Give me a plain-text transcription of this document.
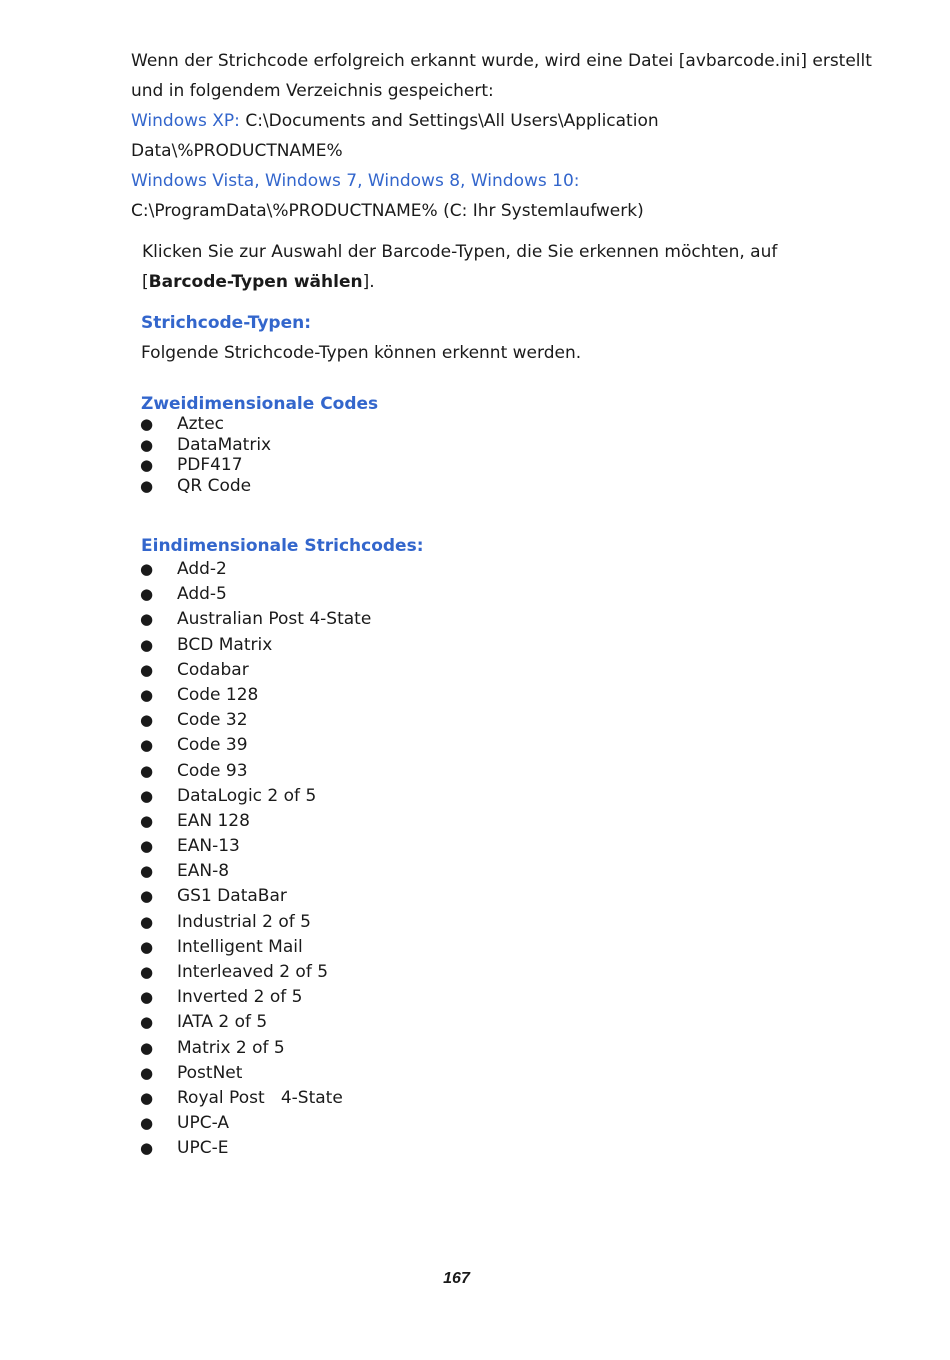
Wenn der Strichcode erfolgreich erkannt wurde, wird eine Datei [avbarcode.ini] erstellt
und in folgendem Verzeichnis gespeichert:
Windows XP: C:\Documents and Settings\All Users\Application
Data\%PRODUCTNAME%
Windows Vista, Windows 7, Windows 8, Windows 10:
C:\ProgramData\%PRODUCTNAME% (C: Ihr Systemlaufwerk)
Klicken Sie zur Auswahl der Barcode-Typen, die Sie erkennen möchten, auf
[Barcode-Typen wählen].
Strichcode-Typen:
Folgende Strichcode-Typen können erkennt werden.
Zweidimensionale Codes
● Aztec
● DataMatrix
● PDF417
● QR Code
Eindimensionale Strichcodes:
● Add-2
● Add-5
● Australian Post 4-State
● BCD Matrix
● Codabar
● Code 128
● Code 32
● Code 39
● Code 93
● DataLogic 2 of 5
● EAN 128
● EAN-13
● EAN-8
● GS1 DataBar
● Industrial 2 of 5
● Intelligent Mail
● Interleaved 2 of 5
● Inverted 2 of 5
● IATA 2 of 5
● Matrix 2 of 5
● PostNet
● Royal Post   4-State
● UPC-A
● UPC-E
167
